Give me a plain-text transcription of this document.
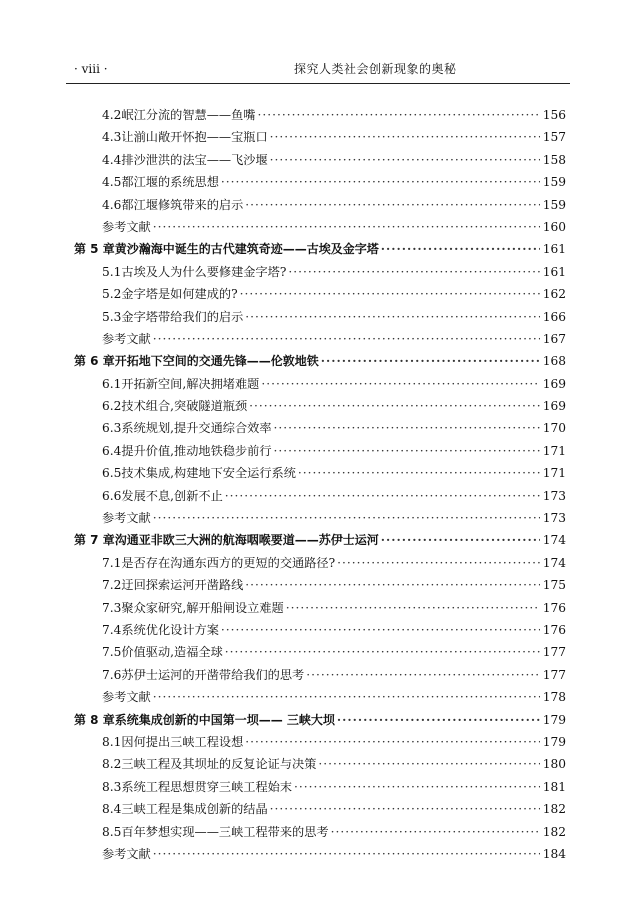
· viii ·	探究人类社会创新现象的奥秘
4.2 岷江分流的智慧——鱼嘴 ·····	156
4.3 让湔山敞开怀抱——宝瓶口 ·····	157
4.4 排沙泄洪的法宝——飞沙堰 ·····	158
4.5 都江堰的系统思想 ·····	159
4.6 都江堰修筑带来的启示 ·····	159
参考文献 ·····	160
第 5 章 黄沙瀚海中诞生的古代建筑奇迹——古埃及金字塔 ·····	161
5.1 古埃及人为什么要修建金字塔? ·····	161
5.2 金字塔是如何建成的? ·····	162
5.3 金字塔带给我们的启示 ·····	166
参考文献 ·····	167
第 6 章 开拓地下空间的交通先锋——伦敦地铁 ·····	168
6.1 开拓新空间,解决拥堵难题 ·····	169
6.2 技术组合,突破隧道瓶颈 ·····	169
6.3 系统规划,提升交通综合效率 ·····	170
6.4 提升价值,推动地铁稳步前行 ·····	171
6.5 技术集成,构建地下安全运行系统 ·····	171
6.6 发展不息,创新不止 ·····	173
参考文献 ·····	173
第 7 章 沟通亚非欧三大洲的航海咽喉要道——苏伊士运河 ·····	174
7.1 是否存在沟通东西方的更短的交通路径? ·····	174
7.2 迂回探索运河开凿路线 ·····	175
7.3 聚众家研究,解开船闸设立难题 ·····	176
7.4 系统优化设计方案 ·····	176
7.5 价值驱动,造福全球 ·····	177
7.6 苏伊士运河的开凿带给我们的思考 ·····	177
参考文献 ·····	178
第 8 章 系统集成创新的中国第一坝—— 三峡大坝 ·····	179
8.1 因何提出三峡工程设想 ·····	179
8.2 三峡工程及其坝址的反复论证与决策 ·····	180
8.3 系统工程思想贯穿三峡工程始末 ·····	181
8.4 三峡工程是集成创新的结晶 ·····	182
8.5 百年梦想实现——三峡工程带来的思考 ·····	182
参考文献 ·····	184
